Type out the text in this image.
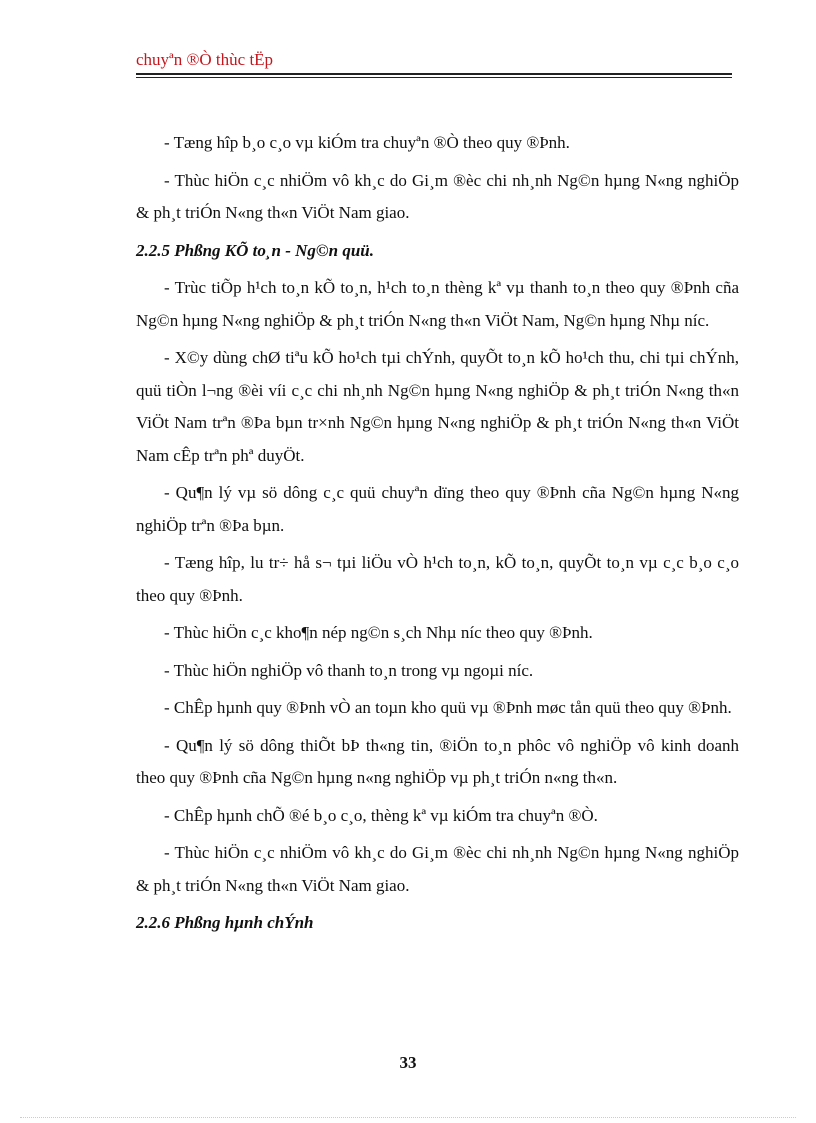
chuyªn ®Ò thùc tËp

- Tæng hîp b¸o c¸o vµ kiÓm tra chuyªn ®Ò theo quy ®Þnh.

- Thùc hiÖn c¸c nhiÖm vô kh¸c do Gi¸m ®èc chi nh¸nh Ng©n hµng N«ng nghiÖp & ph¸t triÓn N«ng th«n ViÖt Nam giao.

2.2.5 Phßng KÕ to¸n - Ng©n quü.

- Trùc tiÕp h¹ch to¸n kÕ to¸n, h¹ch to¸n thèng kª vµ thanh to¸n theo quy ®Þnh cña Ng©n hµng N«ng nghiÖp & ph¸t triÓn N«ng th«n ViÖt Nam, Ng©n hµng Nhµ níc.

- X©y dùng chØ tiªu kÕ ho¹ch tµi chÝnh, quyÕt to¸n kÕ ho¹ch thu, chi tµi chÝnh, quü tiÒn l¬ng ®èi víi c¸c chi nh¸nh Ng©n hµng N«ng nghiÖp & ph¸t triÓn N«ng th«n ViÖt Nam trªn ®Þa bµn tr×nh Ng©n hµng N«ng nghiÖp & ph¸t triÓn N«ng th«n ViÖt Nam cÊp trªn phª duyÖt.

- Qu¶n lý vµ sö dông c¸c quü chuyªn dïng theo quy ®Þnh cña Ng©n hµng N«ng nghiÖp trªn ®Þa bµn.

- Tæng hîp, lu tr÷ hå s¬ tµi liÖu vÒ h¹ch to¸n, kÕ to¸n, quyÕt to¸n vµ c¸c b¸o c¸o theo quy ®Þnh.

- Thùc hiÖn c¸c kho¶n nép ng©n s¸ch Nhµ níc theo quy ®Þnh.

- Thùc hiÖn nghiÖp vô thanh to¸n trong vµ ngoµi níc.

- ChÊp hµnh quy ®Þnh vÒ an toµn kho quü vµ ®Þnh møc tån quü theo quy ®Þnh.

- Qu¶n lý sö dông thiÕt bÞ th«ng tin, ®iÖn to¸n phôc vô nghiÖp vô kinh doanh theo quy ®Þnh cña Ng©n hµng n«ng nghiÖp vµ ph¸t triÓn n«ng th«n.

- ChÊp hµnh chÕ ®é b¸o c¸o, thèng kª vµ kiÓm tra chuyªn ®Ò.

- Thùc hiÖn c¸c nhiÖm vô kh¸c do Gi¸m ®èc chi nh¸nh Ng©n hµng N«ng nghiÖp & ph¸t triÓn N«ng th«n ViÖt Nam giao.

2.2.6 Phßng hµnh chÝnh

33
